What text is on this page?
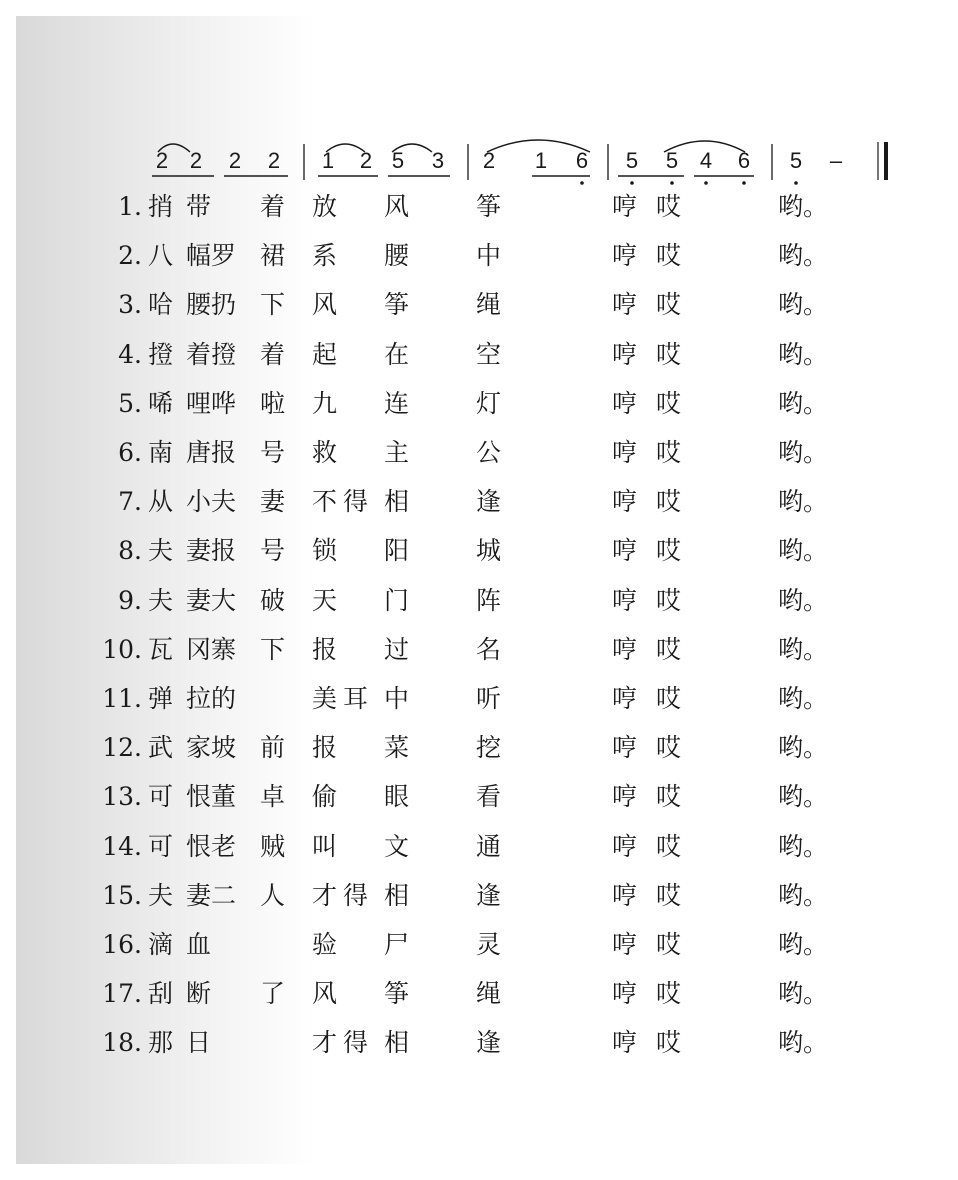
2 2 2 2 1 2 5 3 2 1 6 5 5 4 6 5 –
1. 捎 带 着 放 风	筝	哼 哎	哟。
2. 八 幅罗 裙 系 腰	中	哼 哎	哟。
3. 哈 腰扔 下 风 筝	绳	哼 哎	哟。
4. 撜 着撜 着 起 在	空	哼 哎	哟。
5. 唏 哩哗 啦 九 连	灯	哼 哎	哟。
6. 南 唐报 号 救 主	公	哼 哎	哟。
7. 从 小夫 妻 不得 相	逢	哼 哎	哟。
8. 夫 妻报 号 锁 阳	城	哼 哎	哟。
9. 夫 妻大 破 天 门	阵	哼 哎	哟。
10. 瓦 冈寨 下 报 过	名	哼 哎	哟。
11. 弹 拉的	美耳 中	听	哼 哎	哟。
12. 武 家坡 前 报 菜	挖	哼 哎	哟。
13. 可 恨董 卓 偷 眼	看	哼 哎	哟。
14. 可 恨老 贼 叫 文	通	哼 哎	哟。
15. 夫 妻二 人 才得 相	逢	哼 哎	哟。
16. 滴 血	验 尸	灵	哼 哎	哟。
17. 刮 断 了 风 筝	绳	哼 哎	哟。
18. 那 日	才得 相	逢	哼 哎	哟。
